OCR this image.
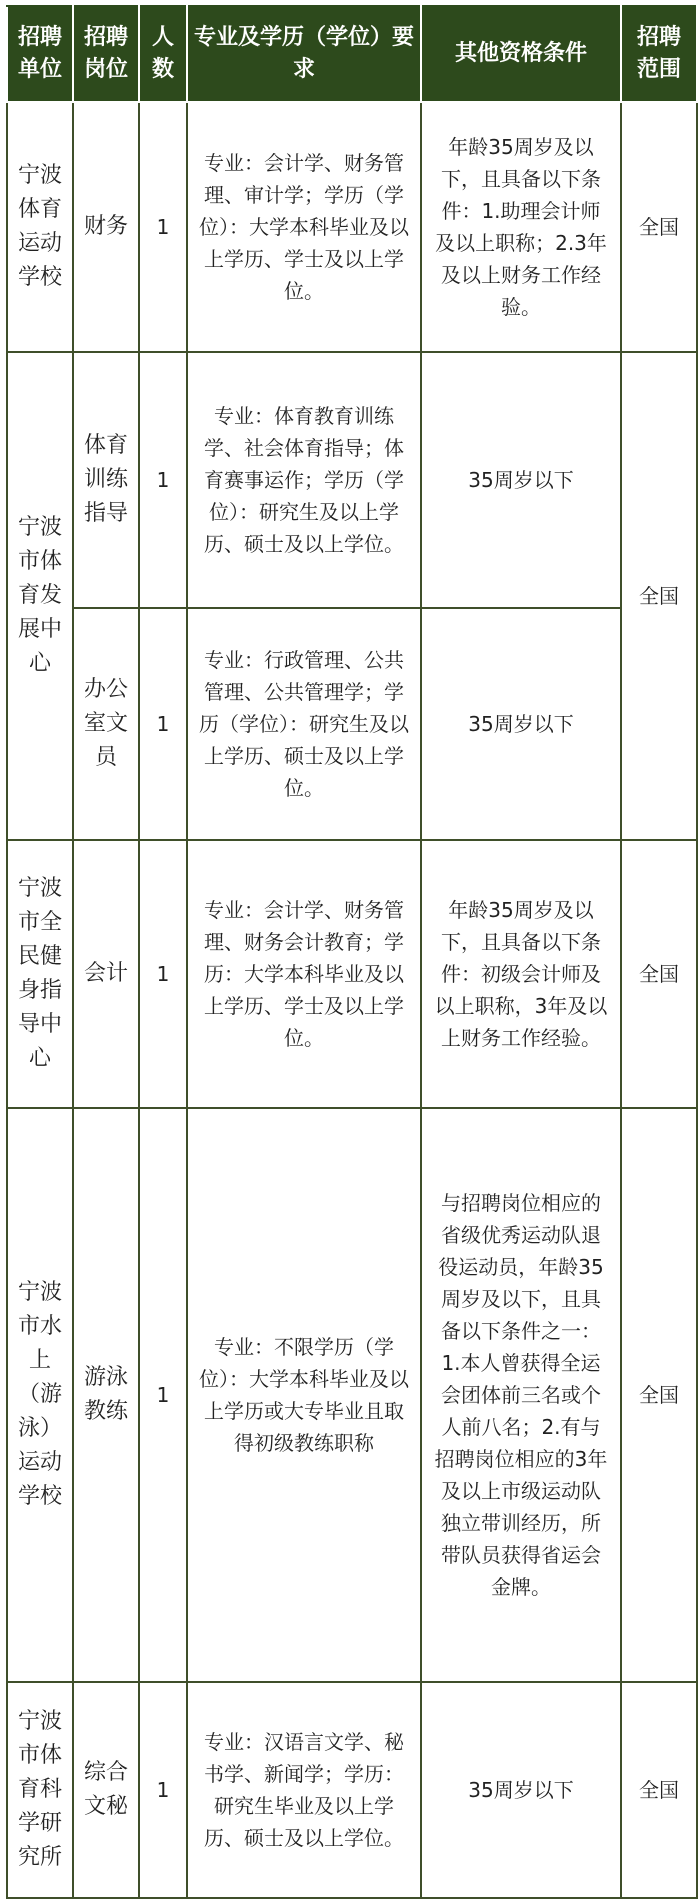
招聘单位	招聘岗位	人数	专业及学历（学位）要求	其他资格条件	招聘范围
宁波体育运动学校	财务	1	专业：会计学、财务管理、审计学；学历（学位）：大学本科毕业及以上学历、学士及以上学位。	年龄35周岁及以下，且具备以下条件：1.助理会计师及以上职称；2.3年及以上财务工作经验。	全国
宁波市体育发展中心	体育训练指导	1	专业：体育教育训练学、社会体育指导；体育赛事运作；学历（学位）：研究生及以上学历、硕士及以上学位。	35周岁以下	全国
	办公室文员	1	专业：行政管理、公共管理、公共管理学；学历（学位）：研究生及以上学历、硕士及以上学位。	35周岁以下	
宁波市全民健身指导中心	会计	1	专业：会计学、财务管理、财务会计教育；学历：大学本科毕业及以上学历、学士及以上学位。	年龄35周岁及以下，且具备以下条件：初级会计师及以上职称，3年及以上财务工作经验。	全国
宁波市水上（游泳）运动学校	游泳教练	1	专业：不限学历（学位）：大学本科毕业及以上学历或大专毕业且取得初级教练职称	与招聘岗位相应的省级优秀运动队退役运动员，年龄35周岁及以下，且具备以下条件之一：1.本人曾获得全运会团体前三名或个人前八名；2.有与招聘岗位相应的3年及以上市级运动队独立带训经历，所带队员获得省运会金牌。	全国
宁波市体育科学研究所	综合文秘	1	专业：汉语言文学、秘书学、新闻学；学历：研究生毕业及以上学历、硕士及以上学位。	35周岁以下	全国
